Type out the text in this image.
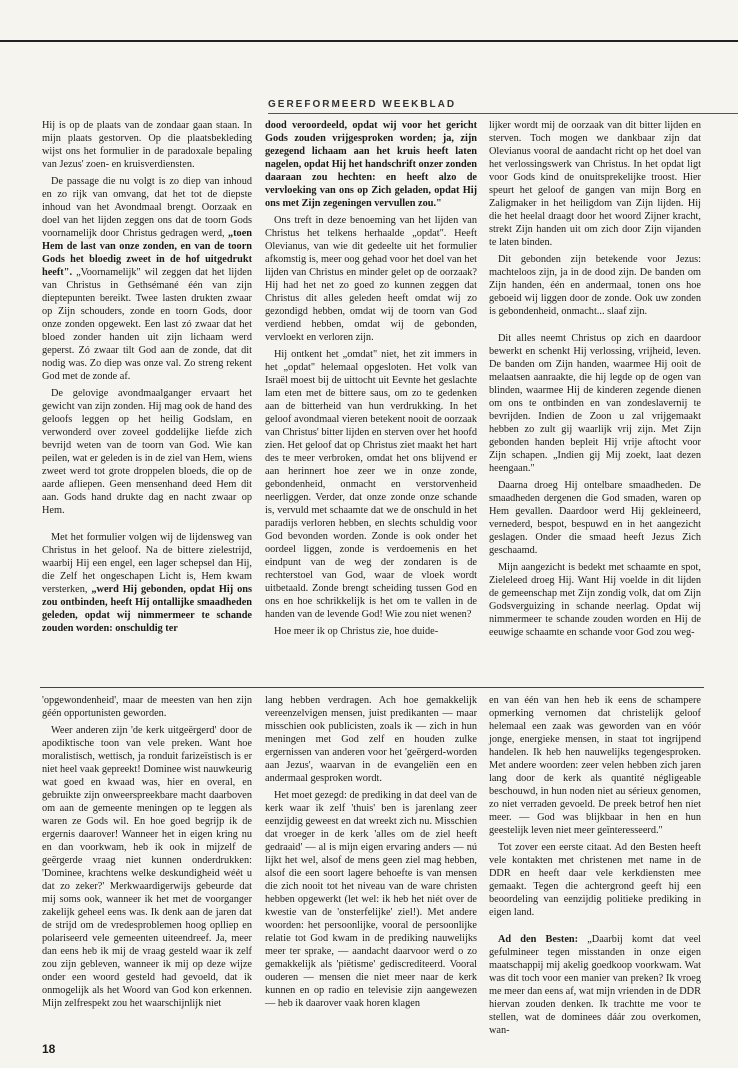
GEREFORMEERD WEEKBLAD

Hij is op de plaats van de zondaar gaan staan. In mijn plaats gestorven. Op die plaatsbekleding wijst ons het formulier in de paradoxale bepaling van Jezus' zoen- en kruisverdiensten.

De passage die nu volgt is zo diep van inhoud en zo rijk van omvang, dat het tot de diepste inhoud van het Avondmaal brengt. Oorzaak en doel van het lijden zeggen ons dat de toorn Gods voornamelijk door Christus gedragen werd, „toen Hem de last van onze zonden, en van de toorn Gods het bloedig zweet in de hof uitgedrukt heeft". „Voornamelijk" wil zeggen dat het lijden van Christus in Gethsémané één van zijn dieptepunten bereikt. Twee lasten drukten zwaar op Zijn schouders, zonde en toorn Gods, door onze zonden opgewekt. Een last zó zwaar dat het bloed zonder handen uit zijn lichaam werd geperst. Zó zwaar tilt God aan de zonde, dat dit nodig was. Zo diep was onze val. Zo streng rekent God met de zonde af.

De gelovige avondmaalganger ervaart het gewicht van zijn zonden. Hij mag ook de hand des geloofs leggen op het heilig Godslam, en verwonderd over zoveel goddelijke liefde zich bevrijd weten van de toorn van God. Wie kan peilen, wat er geleden is in de ziel van Hem, wiens zweet werd tot grote droppelen bloeds, die op de aarde afliepen. Geen mensenhand deed Hem dit aan. Gods hand drukte dag en nacht zwaar op Hem.

Met het formulier volgen wij de lijdensweg van Christus in het geloof. Na de bittere zielestrijd, waarbij Hij een engel, een lager schepsel dan Hij, die Zelf het ongeschapen Licht is, Hem kwam versterken, „werd Hij gebonden, opdat Hij ons zou ontbinden, heeft Hij ontallijke smaadheden geleden, opdat wij nimmermeer te schande zouden worden: onschuldig ter

dood veroordeeld, opdat wij voor het gericht Gods zouden vrijgesproken worden; ja, zijn gezegend lichaam aan het kruis heeft laten nagelen, opdat Hij het handschrift onzer zonden daaraan zou hechten: en heeft alzo de vervloeking van ons op Zich geladen, opdat Hij ons met Zijn zegeningen vervullen zou."

Ons treft in deze benoeming van het lijden van Christus het telkens herhaalde „opdat". Heeft Olevianus, van wie dit gedeelte uit het formulier afkomstig is, meer oog gehad voor het doel van het lijden van Christus en minder gelet op de oorzaak? Hij had het net zo goed zo kunnen zeggen dat Christus dit alles geleden heeft omdat wij zo gezondigd hebben, omdat wij de toorn van God verdiend hebben, omdat wij de gebonden, vervloekt en verloren zijn.

Hij ontkent het „omdat" niet, het zit immers in het „opdat" helemaal opgesloten. Het volk van Israël moest bij de uittocht uit Eevnte het geslachte lam eten met de bittere saus, om zo te gedenken aan de bitterheid van hun verdrukking. In het geloof avondmaal vieren betekent nooit de oorzaak van Christus' bitter lijden en sterven over het hoofd zien. Het geloof dat op Christus ziet maakt het hart des te meer verbroken, omdat het ons blijvend er aan herinnert hoe zeer we in onze zonde, gebondenheid, onmacht en verstorvenheid neerliggen. Verder, dat onze zonde onze schande is, vervuld met schaamte dat we de onschuld in het paradijs verloren hebben, en slechts schuldig voor God bevonden worden. Zonde is ook onder het oordeel liggen, zonde is verdoemenis en het eindpunt van de weg der zondaren is de rechterstoel van God, waar de vloek wordt uitbetaald. Zonde brengt scheiding tussen God en ons en hoe schrikkelijk is het om te vallen in de handen van de levende God! Wie zou niet wenen?

Hoe meer ik op Christus zie, hoe duide-

lijker wordt mij de oorzaak van dit bitter lijden en sterven. Toch mogen we dankbaar zijn dat Olevianus vooral de aandacht richt op het doel van het verlossingswerk van Christus. In het opdat ligt voor Gods kind de onuitsprekelijke troost. Hier speurt het geloof de gangen van mijn Borg en Zaligmaker in het heiligdom van Zijn lijden. Hij die het heelal draagt door het woord Zijner kracht, strekt Zijn handen uit om zich door Zijn vijanden te laten binden.

Dit gebonden zijn betekende voor Jezus: machteloos zijn, ja in de dood zijn. De banden om Zijn handen, één en andermaal, tonen ons hoe geboeid wij liggen door de zonde. Ook uw zonden is gebondenheid, onmacht... slaaf zijn.

Dit alles neemt Christus op zich en daardoor bewerkt en schenkt Hij verlossing, vrijheid, leven. De banden om Zijn handen, waarmee Hij ooit de melaatsen aanraakte, die hij legde op de ogen van blinden, waarmee Hij de kinderen zegende dienen om ons te ontbinden en van zondeslavernij te bevrijden. Indien de Zoon u zal vrijgemaakt hebben zo zult gij waarlijk vrij zijn. Met Zijn gebonden handen bepleit Hij vrije aftocht voor Zijn schapen. „Indien gij Mij zoekt, laat dezen heengaan."

Daarna droeg Hij ontelbare smaadheden. De smaadheden dergenen die God smaden, waren op Hem gevallen. Daardoor werd Hij gekleineerd, vernederd, bespot, bespuwd en in het aangezicht geslagen. Onder die smaad heeft Jezus Zich geschaamd.

Mijn aangezicht is bedekt met schaamte en spot, Zieleleed droeg Hij. Want Hij voelde in dit lijden de gemeenschap met Zijn zondig volk, dat om Zijn Godsverguizing in schande neerlag. Opdat wij nimmermeer te schande zouden worden en Hij de eeuwige schaamte en schande voor God zou weg-

'opgewondenheid', maar de meesten van hen zijn géén opportunisten geworden.

Weer anderen zijn 'de kerk uitgeërgerd' door de apodiktische toon van vele preken. Want hoe moralistisch, wettisch, ja ronduit farizeïstisch is er niet heel vaak gepreekt! Dominee wist nauwkeurig wat goed en kwaad was, hier en overal, en gebruikte zijn onweerspreekbare macht daarboven om aan de gemeente meningen op te leggen als waren ze Gods wil. En hoe goed begrijp ik de ergernis daarover! Wanneer het in eigen kring nu en dan voorkwam, heb ik ook in mijzelf de geërgerde vraag niet kunnen onderdrukken: 'Dominee, krachtens welke deskundigheid wéét u dat zo zeker?' Merkwaardigerwijs gebeurde dat mij soms ook, wanneer ik het met de voorganger zakelijk geheel eens was. Ik denk aan de jaren dat de strijd om de vredesproblemen hoog oplliep en polariseerd vele gemeenten uiteendreef. Ja, meer dan eens heb ik mij de vraag gesteld waar ik zelf zou zijn gebleven, wanneer ik mij op deze wijze onder een woord gesteld had gevoeld, dat ik onmogelijk als het Woord van God kon erkennen. Mijn zelfrespekt zou het waarschijnlijk niet

lang hebben verdragen. Ach hoe gemakkelijk vereenzelvigen mensen, juist predikanten — maar misschien ook publicisten, zoals ik — zich in hun meningen met God zelf en houden zulke ergernissen van anderen voor het 'geërgerd-worden aan Jezus', waarvan in de evangeliën een en andermaal gesproken wordt.

Het moet gezegd: de prediking in dat deel van de kerk waar ik zelf 'thuis' ben is jarenlang zeer eenzijdig geweest en dat wreekt zich nu. Misschien dat vroeger in de kerk 'alles om de ziel heeft gedraaid' — al is mijn eigen ervaring anders — nú lijkt het wel, alsof de mens geen ziel mag hebben, alsof die een soort lagere behoefte is van mensen die zich nooit tot het niveau van de ware christen hebben opgewerkt (let wel: ik heb het niét over de kwestie van de 'onsterfelijke' ziel!). Met andere woorden: het persoonlijke, vooral de persoonlijke relatie tot God kwam in de prediking nauwelijks meer ter sprake, — aandacht daarvoor werd o zo gemakkelijk als 'piëtisme' gediscrediteerd. Vooral ouderen — mensen die niet meer naar de kerk kunnen en op radio en televisie zijn aangewezen — heb ik daarover vaak horen klagen

en van één van hen heb ik eens de schampere opmerking vernomen dat christelijk geloof helemaal een zaak was geworden van en vóór jonge, energieke mensen, in staat tot ingrijpend handelen. Ik heb hen nauwelijks tegengesproken. Met andere woorden: zeer velen hebben zich jaren lang door de kerk als quantité négligeable beschouwd, in hun noden niet au sérieux genomen, zo niet verraden gevoeld. De preek betrof hen niet meer. — God was blijkbaar in hen en hun geestelijk leven niet meer geïnteresseerd."

Tot zover een eerste citaat. Ad den Besten heeft vele kontakten met christenen met name in de DDR en heeft daar vele kerkdiensten mee gemaakt. Tegen die achtergrond geeft hij een beoordeling van eenzijdig politieke prediking in eigen land.

Ad den Besten: „Daarbij komt dat veel gefulmineer tegen misstanden in onze eigen maatschappij mij akelig goedkoop voorkwam. Wat was dit toch voor een manier van preken? Ik vroeg me meer dan eens af, wat mijn vrienden in de DDR hiervan zouden denken. Ik trachtte me voor te stellen, wat de dominees dáár zou overkomen, wan-

18
